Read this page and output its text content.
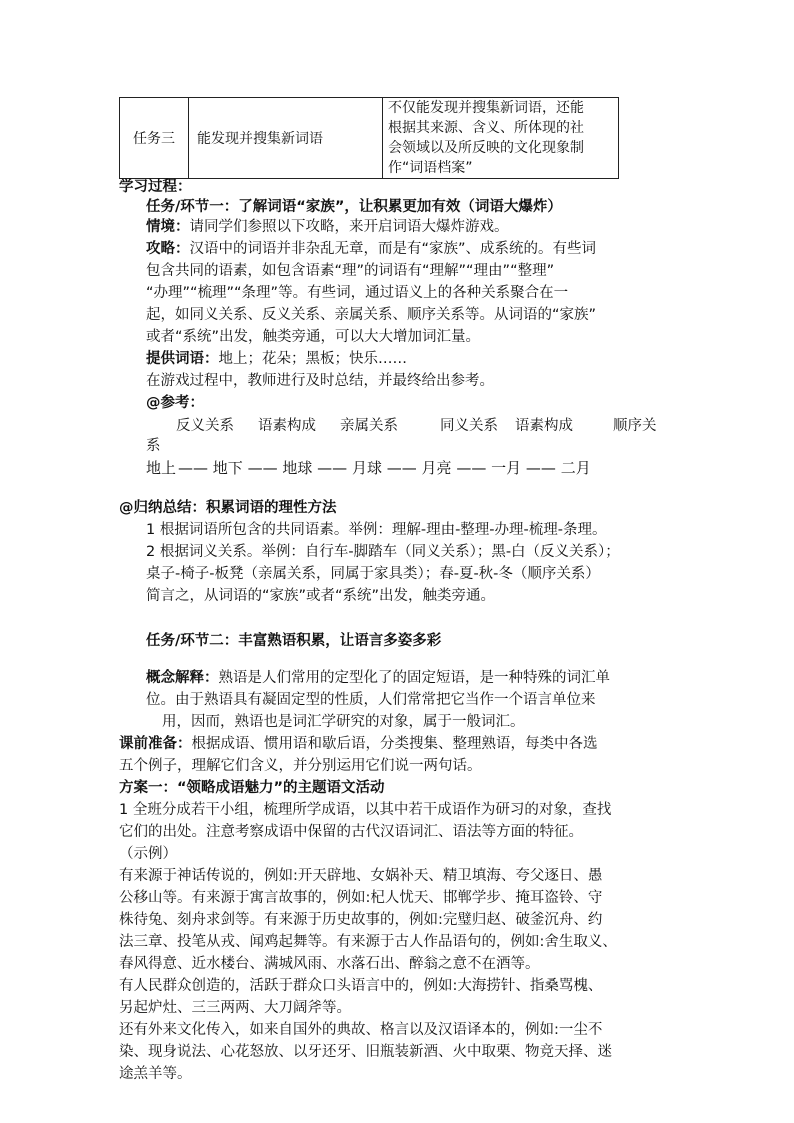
任务三	能发现并搜集新词语	
不仅能发现并搜集新词语，还能
根据其来源、含义、所体现的社
会领域以及所反映的文化现象制
作“词语档案”
学习过程：
任务/环节一：了解词语“家族”，让积累更加有效（词语大爆炸）
情境：请同学们参照以下攻略，来开启词语大爆炸游戏。
攻略：汉语中的词语并非杂乱无章，而是有“家族”、成系统的。有些词
包含共同的语素，如包含语素“理”的词语有“理解”“理由”“整理”
“办理”“梳理”“条理”等。有些词，通过语义上的各种关系聚合在一
起，如同义关系、反义关系、亲属关系、顺序关系等。从词语的“家族”
或者“系统”出发，触类旁通，可以大大增加词汇量。
提供词语：地上；花朵；黑板；快乐……
在游戏过程中，教师进行及时总结，并最终给出参考。
@参考：
反义关系 语素构成 亲属关系	同义关系 语素构成	顺序关
系
地上 —— 地下 —— 地球 —— 月球 —— 月亮 —— 一月 —— 二月
@归纳总结：积累词语的理性方法
1 根据词语所包含的共同语素。举例：理解-理由-整理-办理-梳理-条理。
2 根据词义关系。举例：自行车-脚踏车（同义关系）；黑-白（反义关系）；
桌子-椅子-板凳（亲属关系，同属于家具类）；春-夏-秋-冬（顺序关系）
简言之，从词语的“家族”或者“系统”出发，触类旁通。
任务/环节二：丰富熟语积累，让语言多姿多彩
概念解释：熟语是人们常用的定型化了的固定短语，是一种特殊的词汇单
位。由于熟语具有凝固定型的性质，人们常常把它当作一个语言单位来
用，因而，熟语也是词汇学研究的对象，属于一般词汇。
课前准备：根据成语、惯用语和歇后语，分类搜集、整理熟语，每类中各选
五个例子，理解它们含义，并分别运用它们说一两句话。
方案一：“领略成语魅力”的主题语文活动
1 全班分成若干小组，梳理所学成语，以其中若干成语作为研习的对象，查找
它们的出处。注意考察成语中保留的古代汉语词汇、语法等方面的特征。
（示例）
有来源于神话传说的，例如:开天辟地、女娲补天、精卫填海、夸父逐日、愚
公移山等。有来源于寓言故事的，例如:杞人忧天、邯郸学步、掩耳盗铃、守
株待兔、刻舟求剑等。有来源于历史故事的，例如:完璧归赵、破釜沉舟、约
法三章、投笔从戎、闻鸡起舞等。有来源于古人作品语句的，例如:舍生取义、
春风得意、近水楼台、满城风雨、水落石出、醉翁之意不在酒等。
有人民群众创造的，活跃于群众口头语言中的，例如:大海捞针、指桑骂槐、
另起炉灶、三三两两、大刀阔斧等。
还有外来文化传入，如来自国外的典故、格言以及汉语译本的，例如:一尘不
染、现身说法、心花怒放、以牙还牙、旧瓶装新酒、火中取栗、物竞天择、迷
途羔羊等。
